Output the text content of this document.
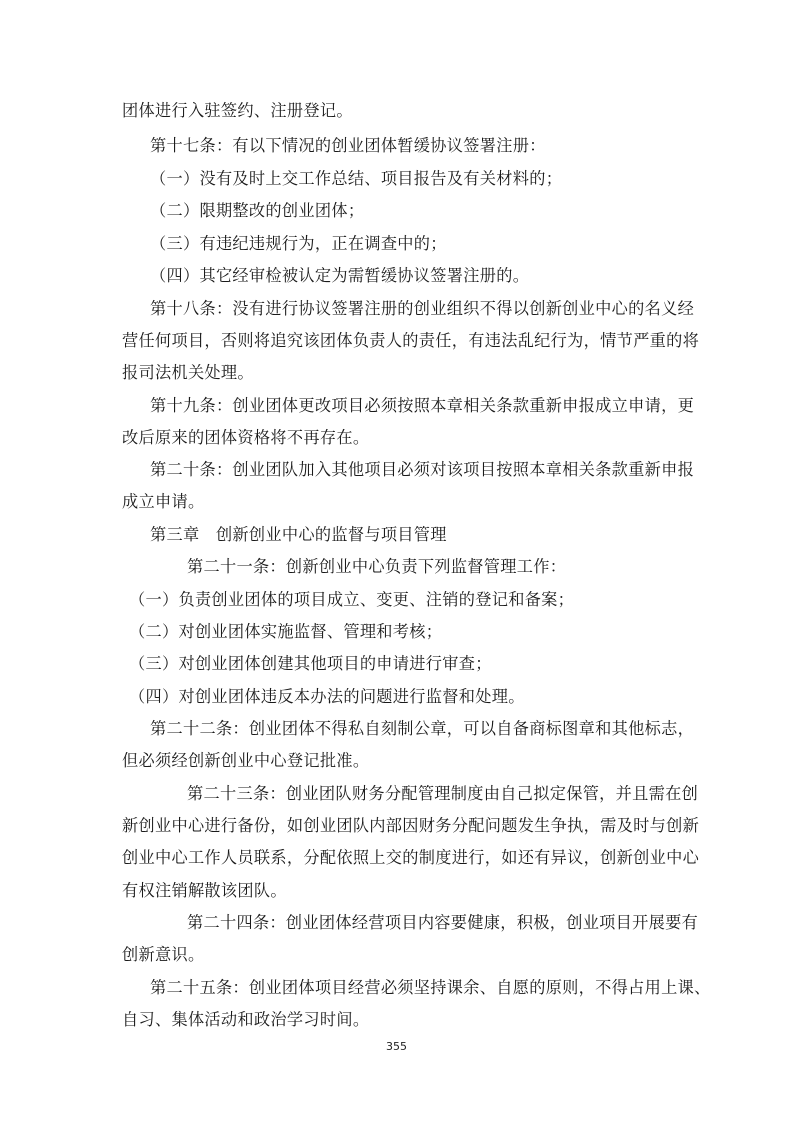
团体进行入驻签约、注册登记。
第十七条：有以下情况的创业团体暂缓协议签署注册：
（一）没有及时上交工作总结、项目报告及有关材料的；
（二）限期整改的创业团体；
（三）有违纪违规行为，正在调查中的；
（四）其它经审检被认定为需暂缓协议签署注册的。
第十八条：没有进行协议签署注册的创业组织不得以创新创业中心的名义经
营任何项目，否则将追究该团体负责人的责任，有违法乱纪行为，情节严重的将
报司法机关处理。
第十九条：创业团体更改项目必须按照本章相关条款重新申报成立申请，更
改后原来的团体资格将不再存在。
第二十条：创业团队加入其他项目必须对该项目按照本章相关条款重新申报
成立申请。
第三章　创新创业中心的监督与项目管理
第二十一条：创新创业中心负责下列监督管理工作：
（一）负责创业团体的项目成立、变更、注销的登记和备案；
（二）对创业团体实施监督、管理和考核；
（三）对创业团体创建其他项目的申请进行审查；
（四）对创业团体违反本办法的问题进行监督和处理。
第二十二条：创业团体不得私自刻制公章，可以自备商标图章和其他标志，
但必须经创新创业中心登记批准。
第二十三条：创业团队财务分配管理制度由自己拟定保管，并且需在创
新创业中心进行备份，如创业团队内部因财务分配问题发生争执，需及时与创新
创业中心工作人员联系，分配依照上交的制度进行，如还有异议，创新创业中心
有权注销解散该团队。
第二十四条：创业团体经营项目内容要健康，积极，创业项目开展要有
创新意识。
第二十五条：创业团体项目经营必须坚持课余、自愿的原则，不得占用上课、
自习、集体活动和政治学习时间。
355
